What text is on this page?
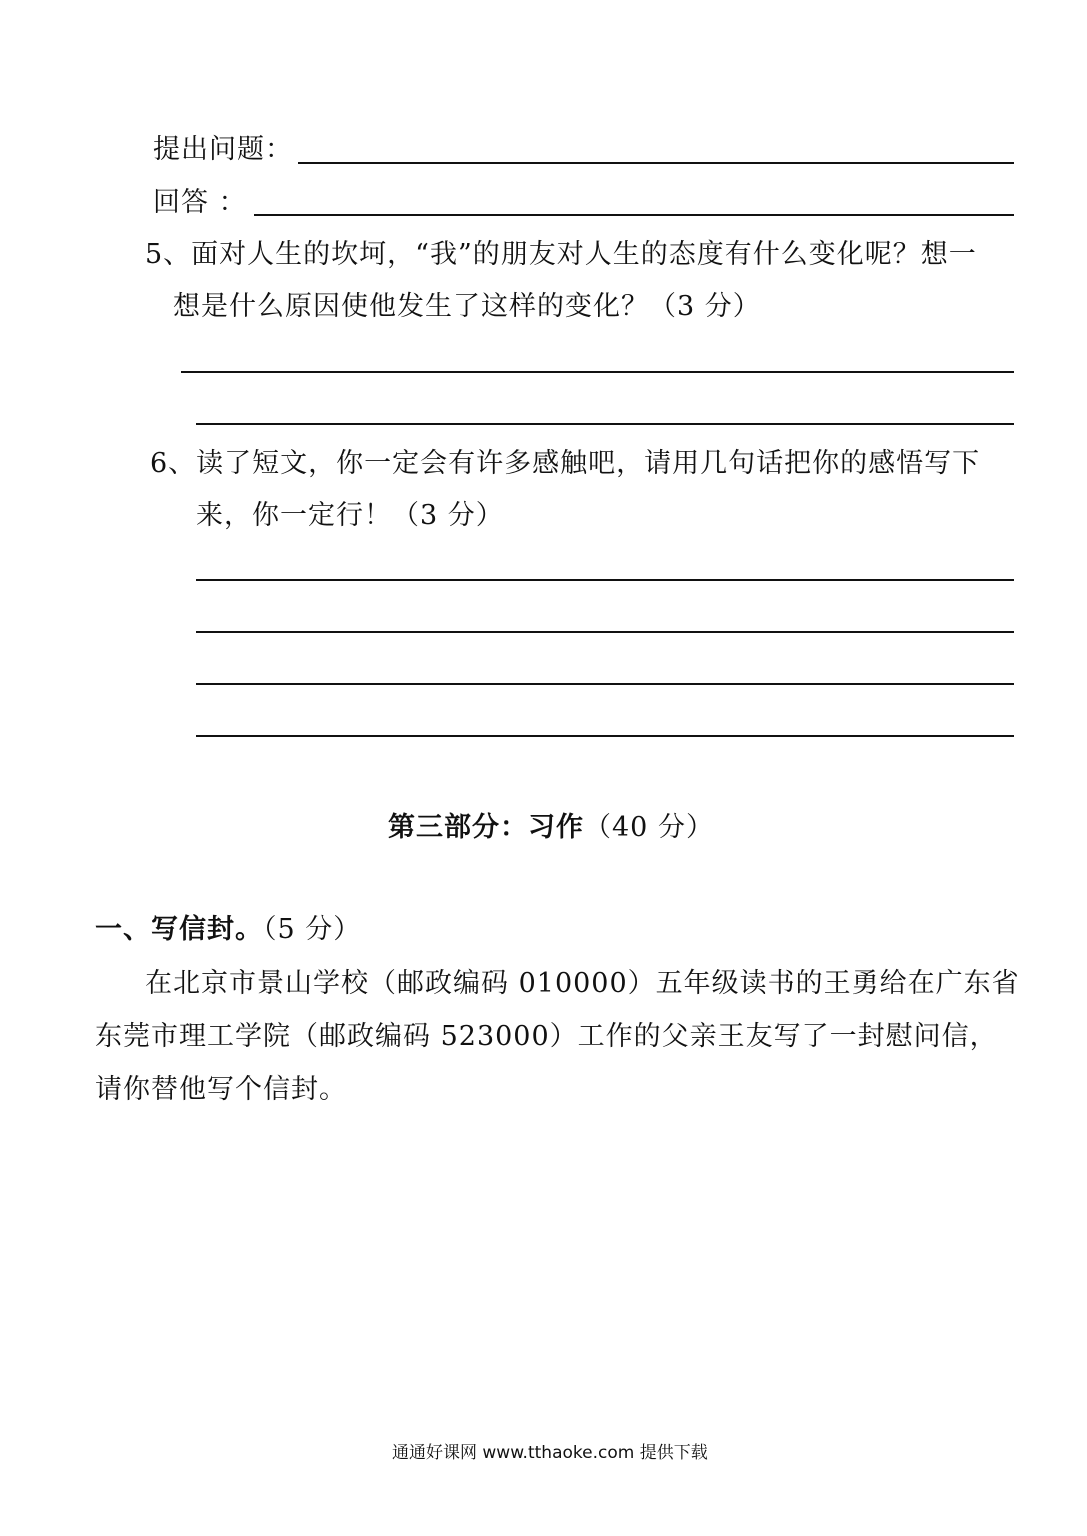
提出问题：
回答 ：
5、面对人生的坎坷，“我”的朋友对人生的态度有什么变化呢？想一
想是什么原因使他发生了这样的变化？（3 分）
6、读了短文，你一定会有许多感触吧，请用几句话把你的感悟写下
来，你一定行！（3 分）
第三部分：习作（40 分）
一、写信封。（5 分）
在北京市景山学校（邮政编码 010000）五年级读书的王勇给在广东省
东莞市理工学院（邮政编码 523000）工作的父亲王友写了一封慰问信，
请你替他写个信封。
通通好课网 www.tthaoke.com 提供下载
